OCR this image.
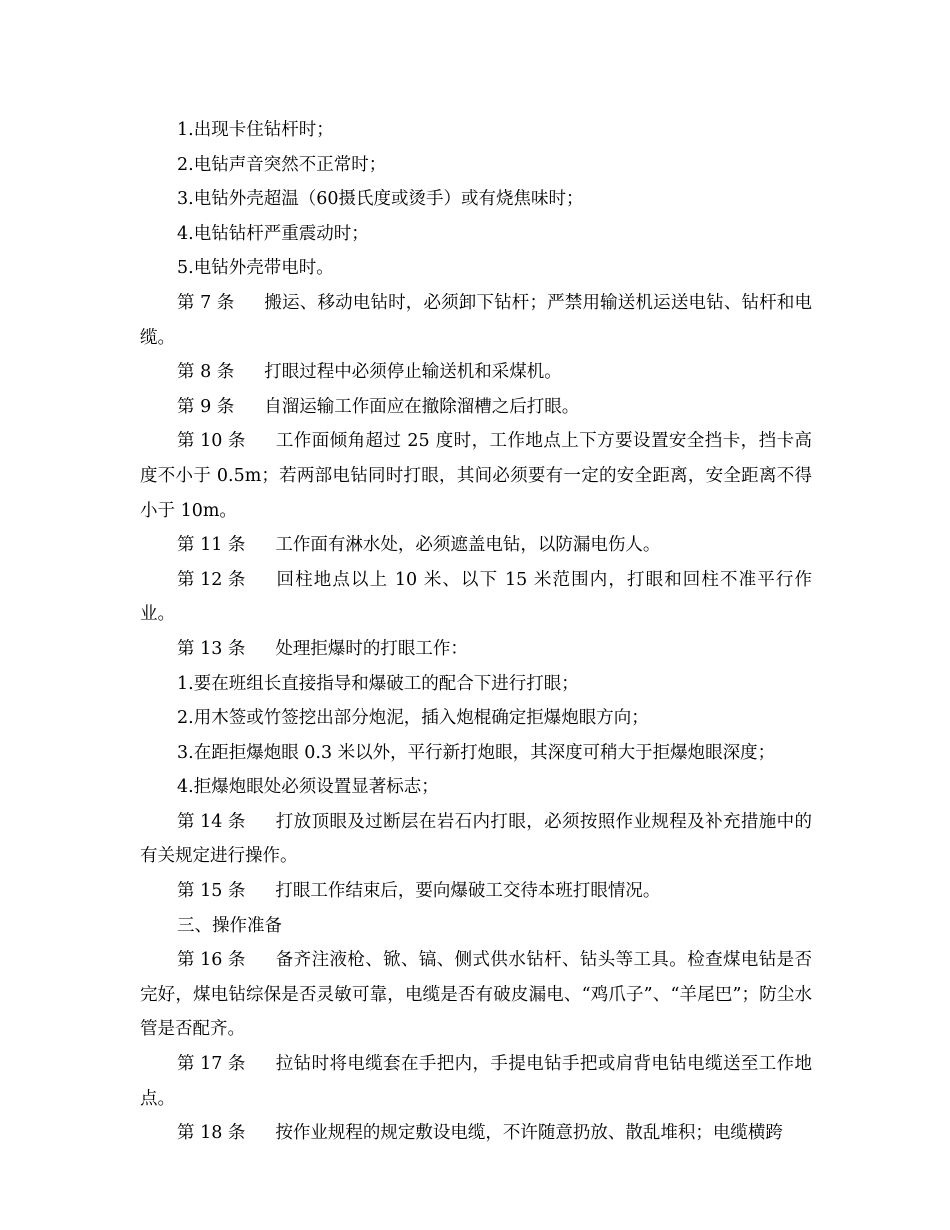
1.出现卡住钻杆时；

2.电钻声音突然不正常时；

3.电钻外壳超温（60摄氏度或烫手）或有烧焦味时；

4.电钻钻杆严重震动时；

5.电钻外壳带电时。

第 7 条 搬运、移动电钻时，必须卸下钻杆；严禁用输送机运送电钻、钻杆和电缆。

第 8 条 打眼过程中必须停止输送机和采煤机。

第 9 条 自溜运输工作面应在撤除溜槽之后打眼。

第 10 条 工作面倾角超过 25 度时，工作地点上下方要设置安全挡卡，挡卡高度不小于 0.5m；若两部电钻同时打眼，其间必须要有一定的安全距离，安全距离不得小于 10m。

第 11 条 工作面有淋水处，必须遮盖电钻，以防漏电伤人。

第 12 条 回柱地点以上 10 米、以下 15 米范围内，打眼和回柱不准平行作业。

第 13 条 处理拒爆时的打眼工作：

1.要在班组长直接指导和爆破工的配合下进行打眼；

2.用木签或竹签挖出部分炮泥，插入炮棍确定拒爆炮眼方向；

3.在距拒爆炮眼 0.3 米以外，平行新打炮眼，其深度可稍大于拒爆炮眼深度；

4.拒爆炮眼处必须设置显著标志；

第 14 条 打放顶眼及过断层在岩石内打眼，必须按照作业规程及补充措施中的有关规定进行操作。

第 15 条 打眼工作结束后，要向爆破工交待本班打眼情况。

三、操作准备

第 16 条 备齐注液枪、锨、镐、侧式供水钻杆、钻头等工具。检查煤电钻是否完好，煤电钻综保是否灵敏可靠，电缆是否有破皮漏电、“鸡爪子”、“羊尾巴”；防尘水管是否配齐。

第 17 条 拉钻时将电缆套在手把内，手提电钻手把或肩背电钻电缆送至工作地点。

第 18 条 按作业规程的规定敷设电缆，不许随意扔放、散乱堆积；电缆横跨
